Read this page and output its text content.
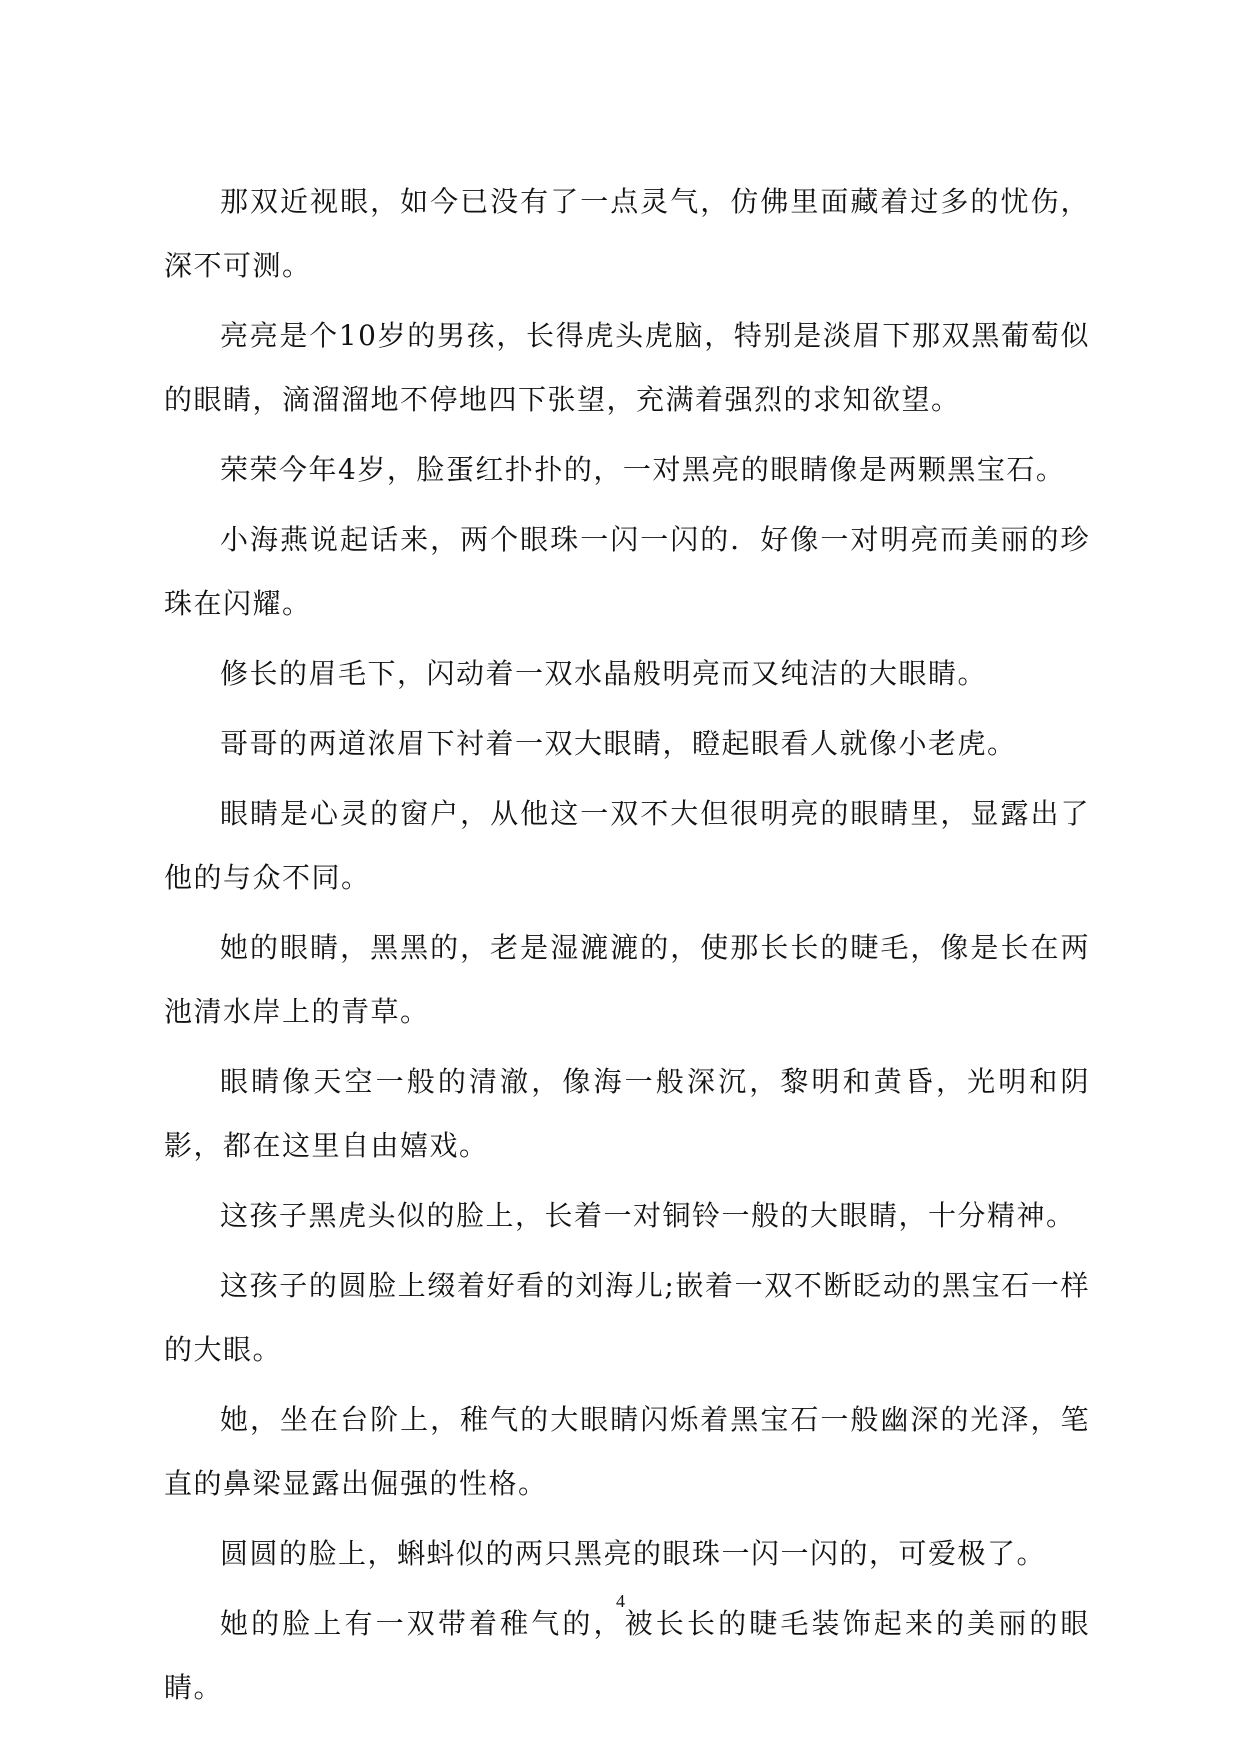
那双近视眼，如今已没有了一点灵气，仿佛里面藏着过多的忧伤，深不可测。

亮亮是个10岁的男孩，长得虎头虎脑，特别是淡眉下那双黑葡萄似的眼睛，滴溜溜地不停地四下张望，充满着强烈的求知欲望。

荣荣今年4岁，脸蛋红扑扑的，一对黑亮的眼睛像是两颗黑宝石。

小海燕说起话来，两个眼珠一闪一闪的．好像一对明亮而美丽的珍珠在闪耀。

修长的眉毛下，闪动着一双水晶般明亮而又纯洁的大眼睛。

哥哥的两道浓眉下衬着一双大眼睛，瞪起眼看人就像小老虎。

眼睛是心灵的窗户，从他这一双不大但很明亮的眼睛里，显露出了他的与众不同。

她的眼睛，黑黑的，老是湿漉漉的，使那长长的睫毛，像是长在两池清水岸上的青草。

眼睛像天空一般的清澈，像海一般深沉，黎明和黄昏，光明和阴影，都在这里自由嬉戏。

这孩子黑虎头似的脸上，长着一对铜铃一般的大眼睛，十分精神。

这孩子的圆脸上缀着好看的刘海儿;嵌着一双不断眨动的黑宝石一样的大眼。

她，坐在台阶上，稚气的大眼睛闪烁着黑宝石一般幽深的光泽，笔直的鼻梁显露出倔强的性格。

圆圆的脸上，蝌蚪似的两只黑亮的眼珠一闪一闪的，可爱极了。

她的脸上有一双带着稚气的，被长长的睫毛装饰起来的美丽的眼睛。

4
